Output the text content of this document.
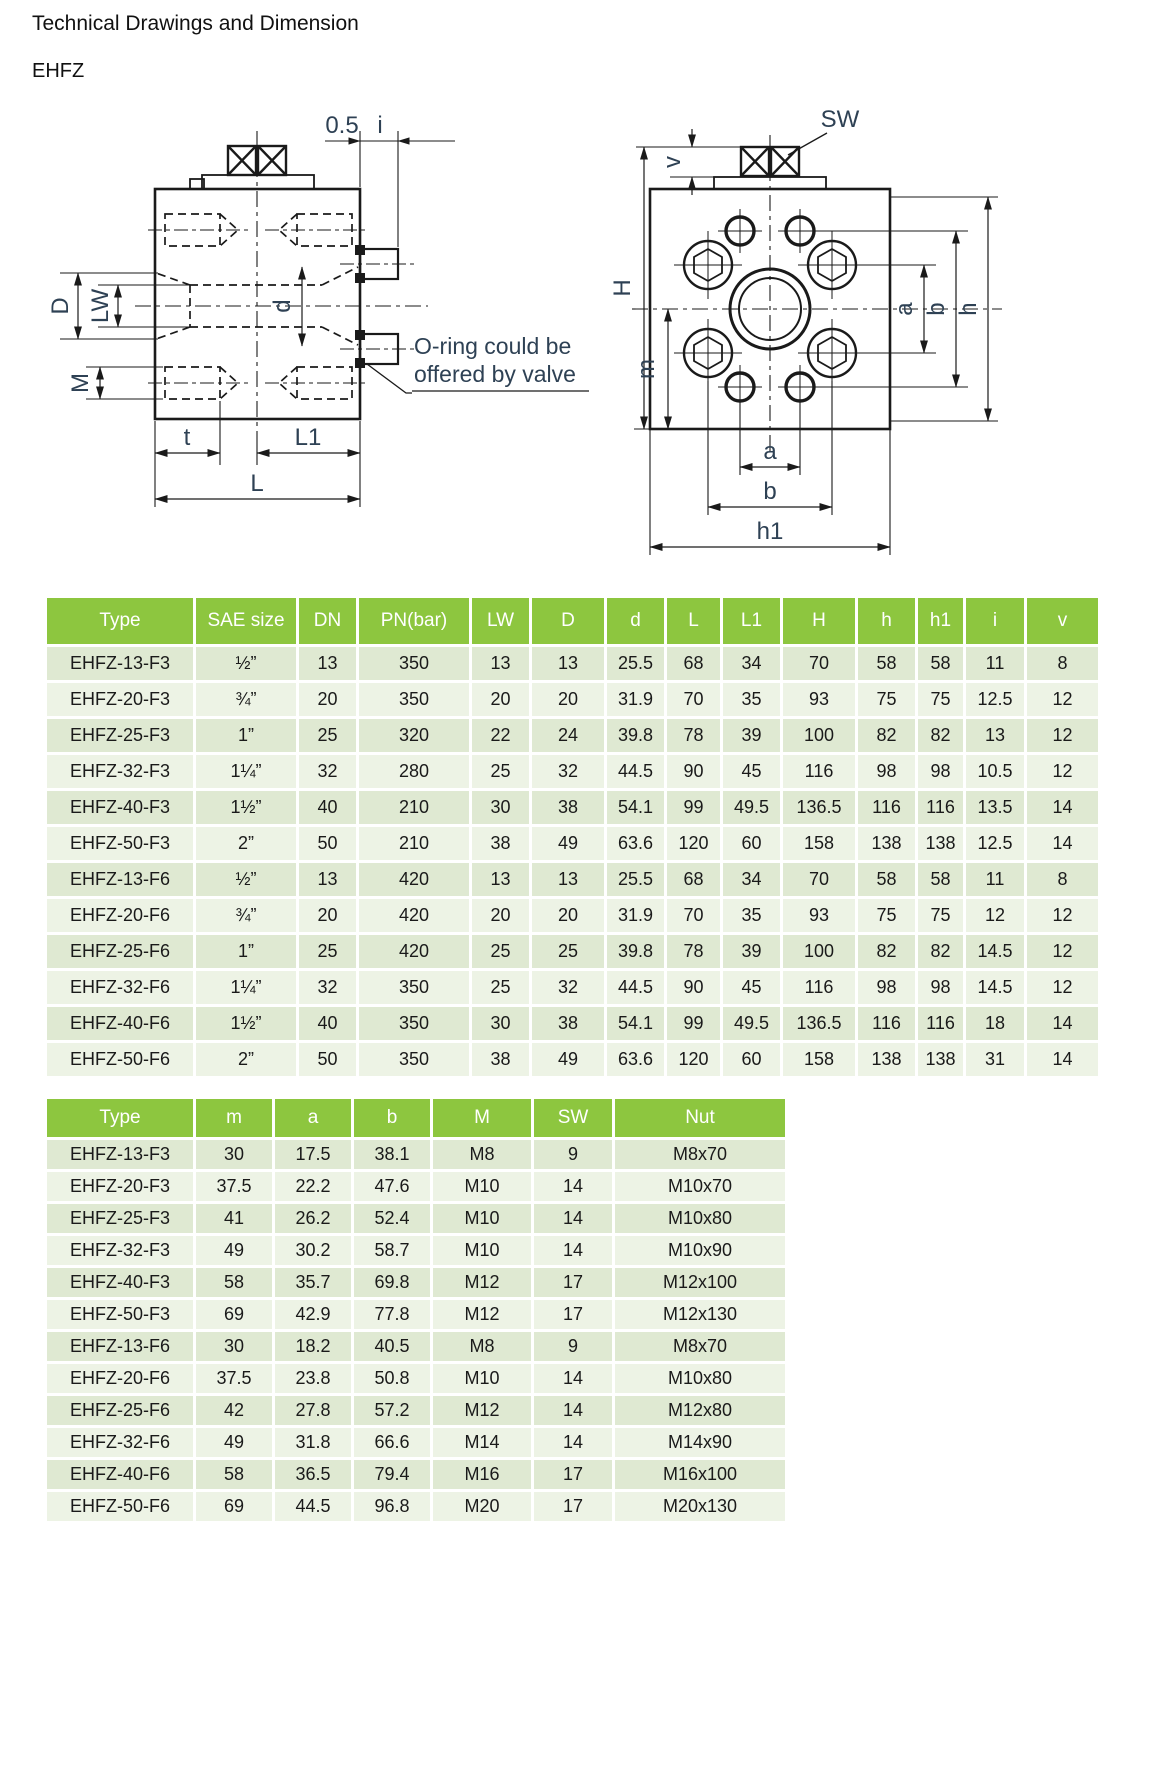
Technical Drawings and Dimension
EHFZ
0.5 i
D LW
M
d
t	L1
L
SW
v
H
m
a b h
a
b
h1
O-ring could be
offered by valve
Type	SAE size	DN	PN(bar)	LW	D	d	L	L1	H	h	h1	i	v
EHFZ-13-F3	½”	13	350	13	13	25.5	68	34	70	58	58	11	8
EHFZ-20-F3	¾”	20	350	20	20	31.9	70	35	93	75	75	12.5	12
EHFZ-25-F3	1”	25	320	22	24	39.8	78	39	100	82	82	13	12
EHFZ-32-F3	1¼”	32	280	25	32	44.5	90	45	116	98	98	10.5	12
EHFZ-40-F3	1½”	40	210	30	38	54.1	99	49.5	136.5	116	116	13.5	14
EHFZ-50-F3	2”	50	210	38	49	63.6	120	60	158	138	138	12.5	14
EHFZ-13-F6	½”	13	420	13	13	25.5	68	34	70	58	58	11	8
EHFZ-20-F6	¾”	20	420	20	20	31.9	70	35	93	75	75	12	12
EHFZ-25-F6	1”	25	420	25	25	39.8	78	39	100	82	82	14.5	12
EHFZ-32-F6	1¼”	32	350	25	32	44.5	90	45	116	98	98	14.5	12
EHFZ-40-F6	1½”	40	350	30	38	54.1	99	49.5	136.5	116	116	18	14
EHFZ-50-F6	2”	50	350	38	49	63.6	120	60	158	138	138	31	14
Type	m	a	b	M	SW	Nut
EHFZ-13-F3	30	17.5	38.1	M8	9	M8x70
EHFZ-20-F3	37.5	22.2	47.6	M10	14	M10x70
EHFZ-25-F3	41	26.2	52.4	M10	14	M10x80
EHFZ-32-F3	49	30.2	58.7	M10	14	M10x90
EHFZ-40-F3	58	35.7	69.8	M12	17	M12x100
EHFZ-50-F3	69	42.9	77.8	M12	17	M12x130
EHFZ-13-F6	30	18.2	40.5	M8	9	M8x70
EHFZ-20-F6	37.5	23.8	50.8	M10	14	M10x80
EHFZ-25-F6	42	27.8	57.2	M12	14	M12x80
EHFZ-32-F6	49	31.8	66.6	M14	14	M14x90
EHFZ-40-F6	58	36.5	79.4	M16	17	M16x100
EHFZ-50-F6	69	44.5	96.8	M20	17	M20x130
